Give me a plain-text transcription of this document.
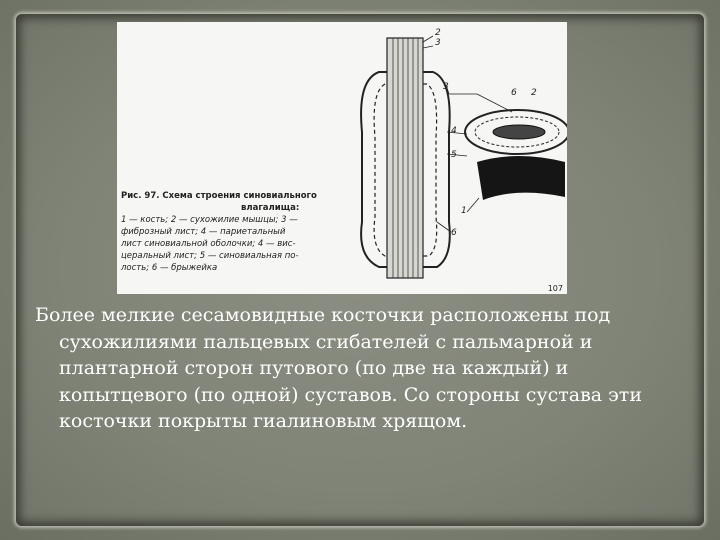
2
3
3
6 2
4
5
1
6
Рис. 97. Схема строения синовиального
влагалища:
1 — кость; 2 — сухожилие мышцы; 3 —
фиброзный лист; 4 — париетальный
лист синовиальной оболочки; 4 — вис-
церальный лист; 5 — синовиальная по-
лость; 6 — брыжейка
107

Более мелкие сесамовидные косточки расположены под сухожилиями пальцевых сгибателей с пальмарной и плантарной сторон путового (по две на каждый) и копытцевого (по одной) суставов. Со стороны сустава эти косточки покрыты гиалиновым хрящом.
